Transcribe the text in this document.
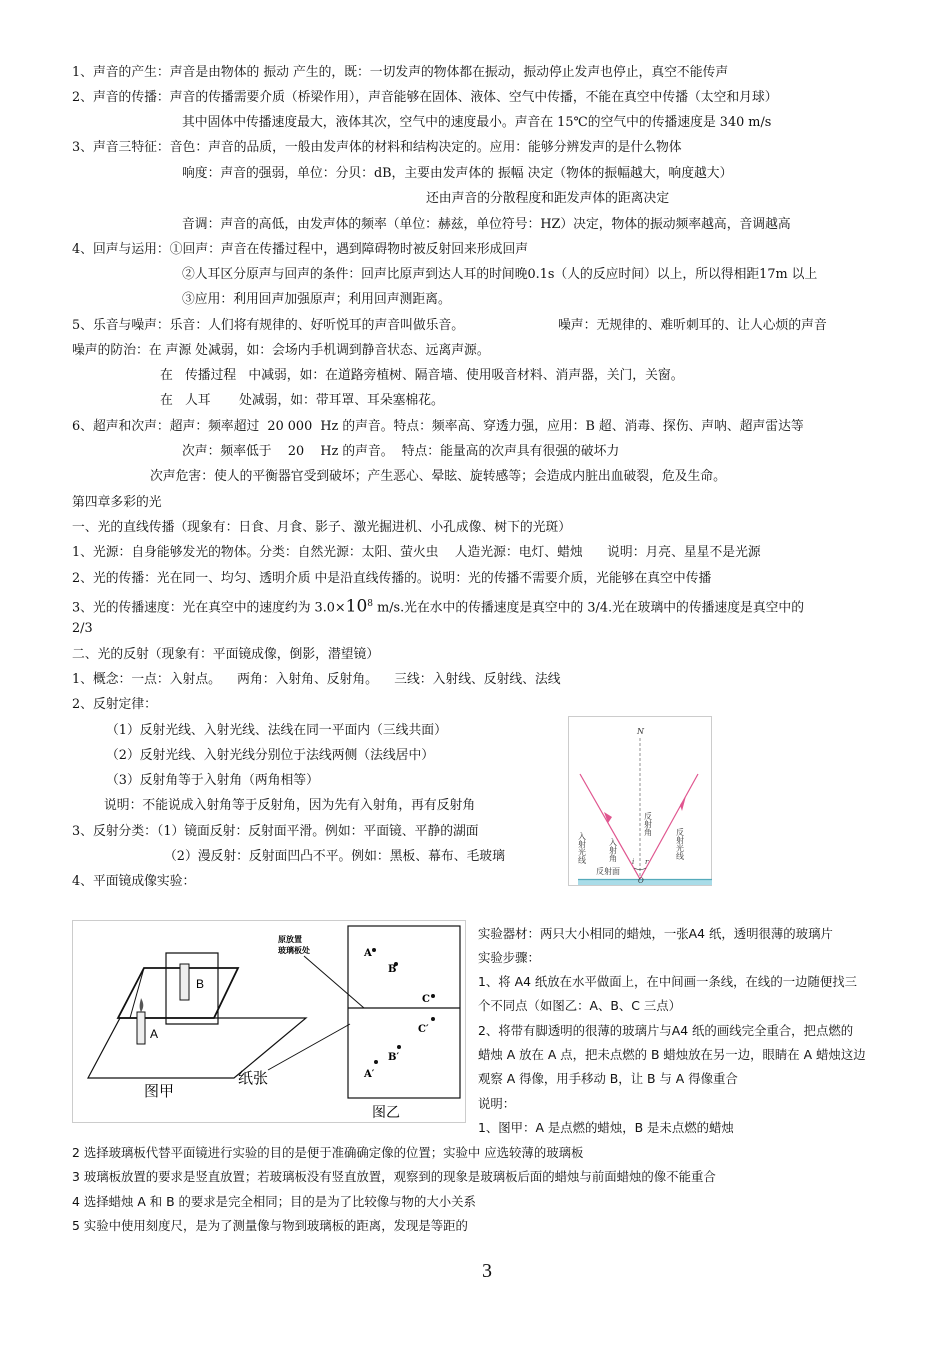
1、声音的产生：声音是由物体的 振动 产生的，既：一切发声的物体都在振动，振动停止发声也停止，真空不能传声
2、声音的传播：声音的传播需要介质（桥梁作用），声音能够在固体、液体、空气中传播，不能在真空中传播（太空和月球）
其中固体中传播速度最大，液体其次，空气中的速度最小。声音在 15℃的空气中的传播速度是 340 m/s
3、声音三特征：音色：声音的品质，一般由发声体的材料和结构决定的。应用：能够分辨发声的是什么物体
响度：声音的强弱，单位：分贝：dB，主要由发声体的 振幅 决定（物体的振幅越大，响度越大）
还由声音的分散程度和距发声体的距离决定
音调：声音的高低，由发声体的频率（单位：赫兹，单位符号：HZ）决定，物体的振动频率越高，音调越高
4、回声与运用：①回声：声音在传播过程中，遇到障碍物时被反射回来形成回声
②人耳区分原声与回声的条件：回声比原声到达人耳的时间晚0.1s（人的反应时间）以上，所以得相距17m 以上
③应用：利用回声加强原声；利用回声测距离。
5、乐音与噪声：乐音：人们将有规律的、好听悦耳的声音叫做乐音。	噪声：无规律的、难听刺耳的、让人心烦的声音
噪声的防治：在 声源 处减弱，如：会场内手机调到静音状态、远离声源。
在   传播过程   中减弱，如：在道路旁植树、隔音墙、使用吸音材料、消声器，关门，关窗。
在   人耳       处减弱，如：带耳罩、耳朵塞棉花。
6、超声和次声：超声：频率超过  20 000  Hz 的声音。特点：频率高、穿透力强，应用：B 超、消毒、探伤、声呐、超声雷达等
次声：频率低于    20    Hz 的声音。  特点：能量高的次声具有很强的破坏力
次声危害：使人的平衡器官受到破坏；产生恶心、晕眩、旋转感等；会造成内脏出血破裂，危及生命。
第四章多彩的光
一、光的直线传播（现象有：日食、月食、影子、激光掘进机、小孔成像、树下的光斑）
1、光源：自身能够发光的物体。分类：自然光源：太阳、萤火虫    人造光源：电灯、蜡烛      说明：月亮、星星不是光源
2、光的传播：光在同一、均匀、透明介质 中是沿直线传播的。说明：光的传播不需要介质，光能够在真空中传播
3、光的传播速度：光在真空中的速度约为 $3.0\times 10^8$ m/s.光在水中的传播速度是真空中的 3/4.光在玻璃中的传播速度是真空中的
2/3
二、光的反射（现象有：平面镜成像，倒影，潜望镜）
1、概念：一点：入射点。    两角：入射角、反射角。    三线：入射线、反射线、法线
2、反射定律：
（1）反射光线、入射光线、法线在同一平面内（三线共面）
（2）反射光线、入射光线分别位于法线两侧（法线居中）
（3）反射角等于入射角（两角相等）
说明：不能说成入射角等于反射角，因为先有入射角，再有反射角
3、反射分类：（1）镜面反射：反射面平滑。例如：平面镜、平静的湖面
（2）漫反射：反射面凹凸不平。例如：黑板、幕布、毛玻璃
4、平面镜成像实验：
N
入射角
反射角
入射光线	反射光线
反射面
i r
O
B
A
图甲
纸张
原放置
玻璃板处	A
B
C
A′
B′
C′
图乙
实验器材：两只大小相同的蜡烛，一张A4 纸，透明很薄的玻璃片
实验步骤：
1、将 A4 纸放在水平做面上，在中间画一条线，在线的一边随便找三
个不同点（如图乙：A、B、C 三点）
2、将带有脚透明的很薄的玻璃片与A4 纸的画线完全重合，把点燃的
蜡烛 A 放在 A 点，把未点燃的 B 蜡烛放在另一边，眼睛在 A 蜡烛这边
观察 A 得像，用手移动 B，让 B 与 A 得像重合
说明：
1、图甲：A 是点燃的蜡烛，B 是未点燃的蜡烛
2 选择玻璃板代替平面镜进行实验的目的是便于准确确定像的位置；实验中 应选较薄的玻璃板
3 玻璃板放置的要求是竖直放置；若玻璃板没有竖直放置，观察到的现象是玻璃板后面的蜡烛与前面蜡烛的像不能重合
4 选择蜡烛 A 和 B 的要求是完全相同；目的是为了比较像与物的大小关系
5 实验中使用刻度尺，是为了测量像与物到玻璃板的距离，发现是等距的
3
